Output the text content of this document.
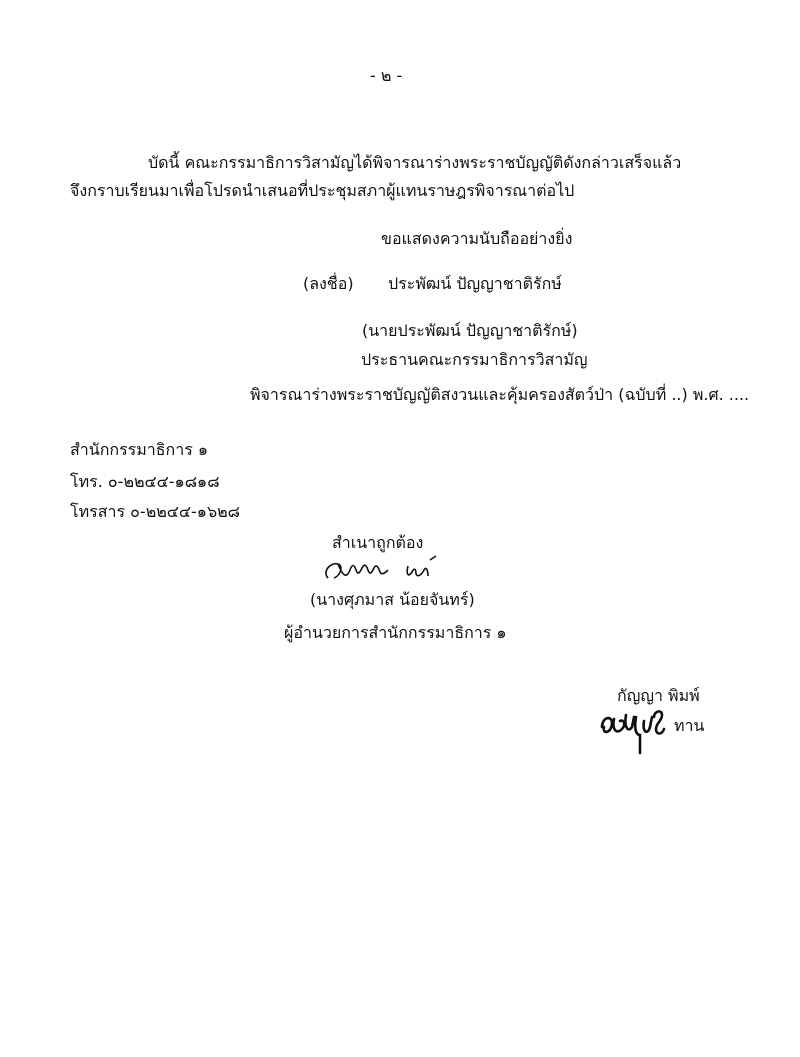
- ๒ -
บัดนี้ คณะกรรมาธิการวิสามัญได้พิจารณาร่างพระราชบัญญัติดังกล่าวเสร็จแล้ว
จึงกราบเรียนมาเพื่อโปรดนำเสนอที่ประชุมสภาผู้แทนราษฎรพิจารณาต่อไป
ขอแสดงความนับถืออย่างยิ่ง
(ลงชื่อ) ประพัฒน์ ปัญญาชาติรักษ์
(นายประพัฒน์ ปัญญาชาติรักษ์)
ประธานคณะกรรมาธิการวิสามัญ
พิจารณาร่างพระราชบัญญัติสงวนและคุ้มครองสัตว์ป่า (ฉบับที่ ..) พ.ศ. ....
สำนักกรรมาธิการ ๑
โทร. ๐-๒๒๔๔-๑๘๑๘
โทรสาร ๐-๒๒๔๔-๑๖๒๘
สำเนาถูกต้อง
(นางศุภมาส น้อยจันทร์)
ผู้อำนวยการสำนักกรรมาธิการ ๑
กัญญา พิมพ์
ทาน
